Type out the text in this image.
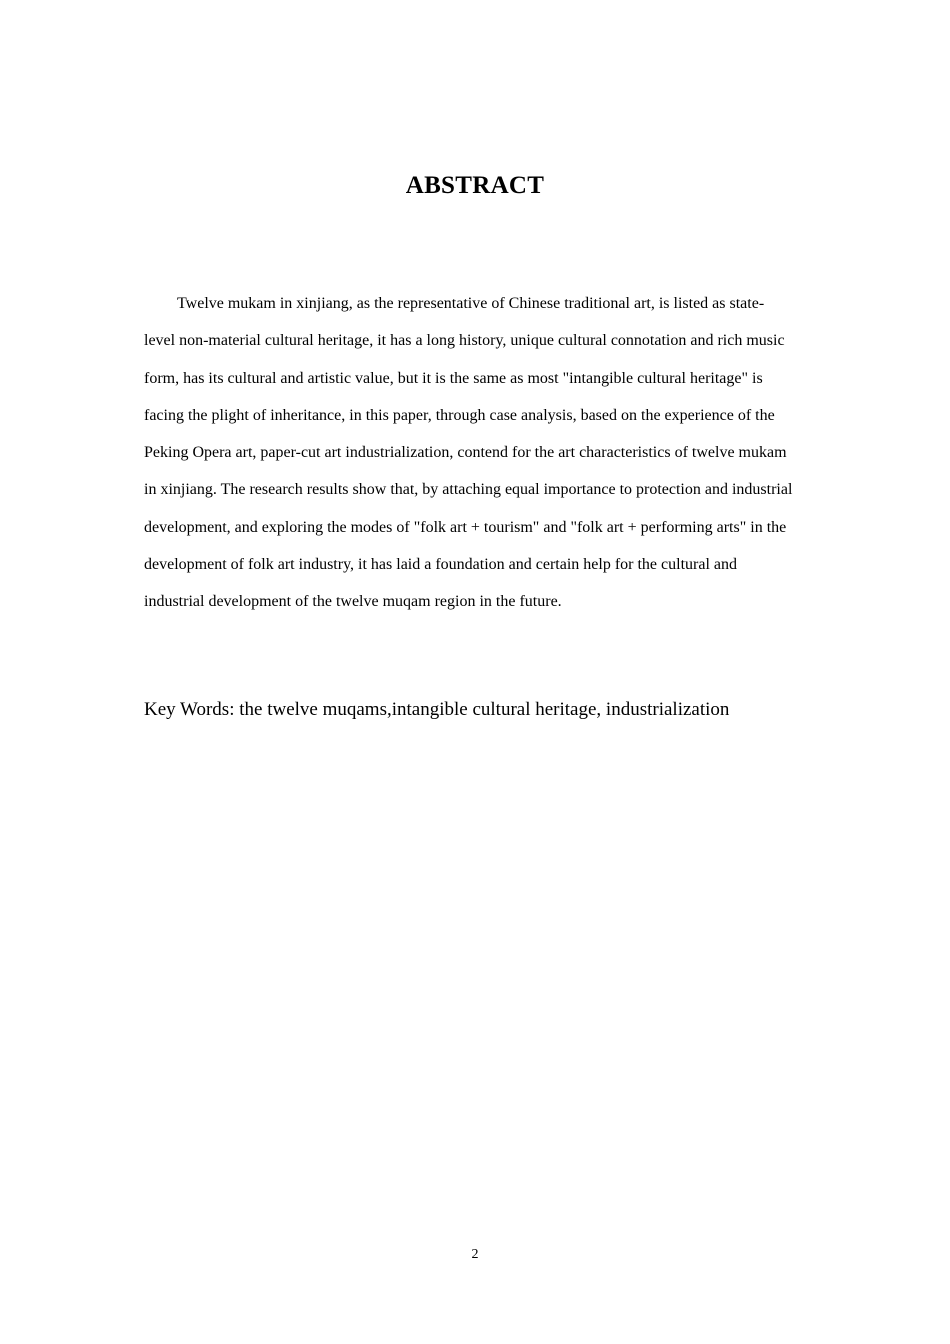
ABSTRACT

Twelve mukam in xinjiang, as the representative of Chinese traditional art, is listed as state-level non-material cultural heritage, it has a long history, unique cultural connotation and rich music form, has its cultural and artistic value, but it is the same as most "intangible cultural heritage" is facing the plight of inheritance, in this paper, through case analysis, based on the experience of the Peking Opera art, paper-cut art industrialization, contend for the art characteristics of twelve mukam in xinjiang. The research results show that, by attaching equal importance to protection and industrial development, and exploring the modes of "folk art + tourism" and "folk art + performing arts" in the development of folk art industry, it has laid a foundation and certain help for the cultural and industrial development of the twelve muqam region in the future.

Key Words: the twelve muqams,intangible cultural heritage, industrialization

2
